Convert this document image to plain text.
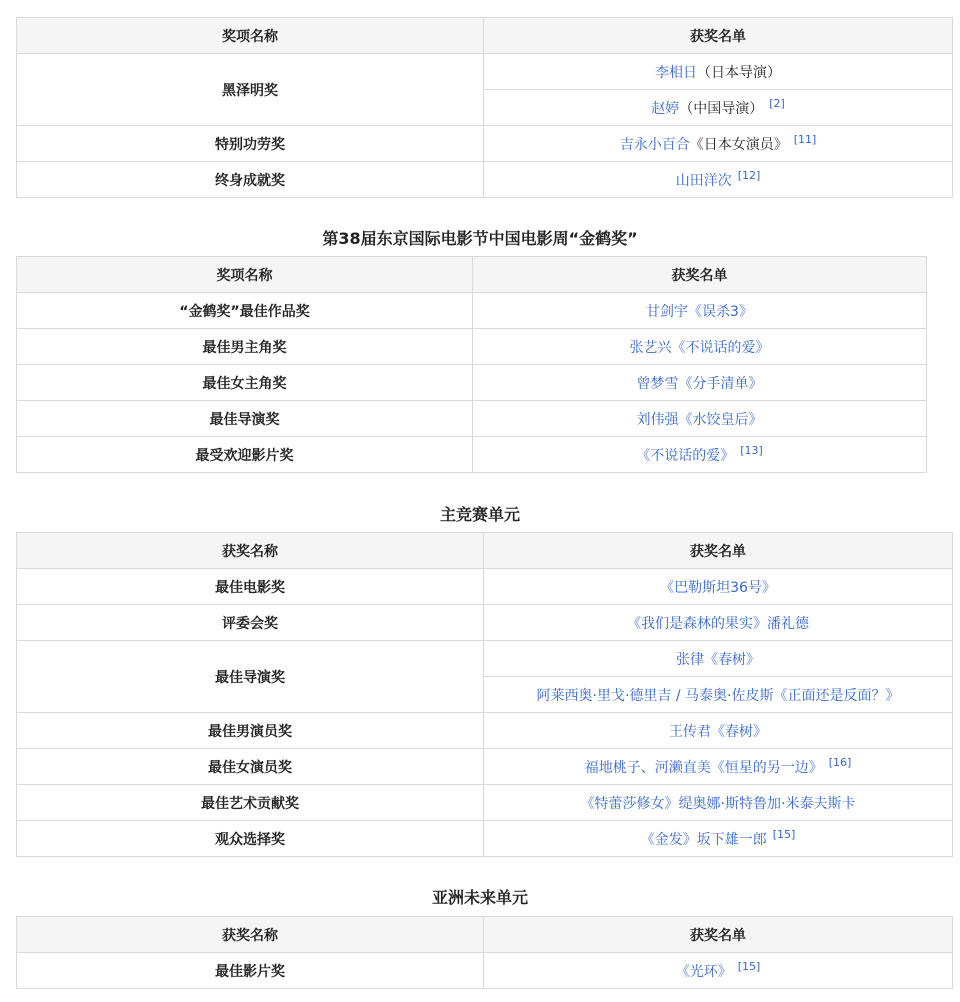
奖项名称	获奖名单
黑泽明奖	李相日（日本导演）
	赵婷（中国导演） [2]
特别功劳奖	吉永小百合《日本女演员》 [11]
终身成就奖	山田洋次 [12]
第38届东京国际电影节中国电影周“金鹤奖”
奖项名称	获奖名单
“金鹤奖”最佳作品奖	甘剑宇《误杀3》
最佳男主角奖	张艺兴《不说话的爱》
最佳女主角奖	曾梦雪《分手清单》
最佳导演奖	刘伟强《水饺皇后》
最受欢迎影片奖	《不说话的爱》 [13]
主竞赛单元
获奖名称	获奖名单
最佳电影奖	《巴勒斯坦36号》
评委会奖	《我们是森林的果实》潘礼德
最佳导演奖	张律《春树》
	阿莱西奥·里戈·德里吉 / 马泰奥·佐皮斯《正面还是反面？》
最佳男演员奖	王传君《春树》
最佳女演员奖	福地桃子、河濑直美《恒星的另一边》 [16]
最佳艺术贡献奖	《特蕾莎修女》缇奥娜·斯特鲁加·米泰夫斯卡
观众选择奖	《金发》坂下雄一郎 [15]
亚洲未来单元
获奖名称	获奖名单
最佳影片奖	《光环》 [15]
